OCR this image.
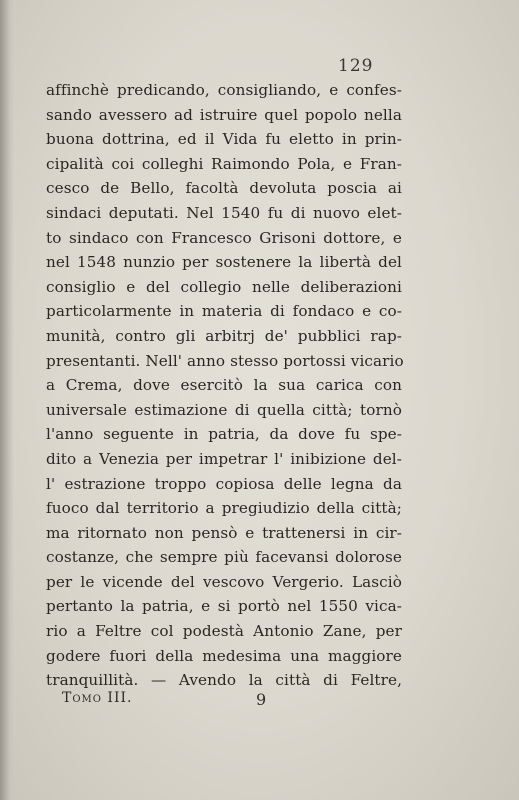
129
affinchè predicando, consigliando, e confes-
sando avessero ad istruire quel popolo nella
buona dottrina, ed il Vida fu eletto in prin-
cipalità coi colleghi Raimondo Pola, e Fran-
cesco de Bello, facoltà devoluta poscia ai
sindaci deputati. Nel 1540 fu di nuovo elet-
to sindaco con Francesco Grisoni dottore, e
nel 1548 nunzio per sostenere la libertà del
consiglio e del collegio nelle deliberazioni
particolarmente in materia di fondaco e co-
munità, contro gli arbitrj de' pubblici rap-
presentanti. Nell' anno stesso portossi vicario
a Crema, dove esercitò la sua carica con
universale estimazione di quella città; tornò
l'anno seguente in patria, da dove fu spe-
dito a Venezia per impetrar l' inibizione del-
l' estrazione troppo copiosa delle legna da
fuoco dal territorio a pregiudizio della città;
ma ritornato non pensò e trattenersi in cir-
costanze, che sempre più facevansi dolorose
per le vicende del vescovo Vergerio. Lasciò
pertanto la patria, e si portò nel 1550 vica-
rio a Feltre col podestà Antonio Zane, per
godere fuori della medesima una maggiore
tranquillità. — Avendo la città di Feltre,
Tomo III.	9
